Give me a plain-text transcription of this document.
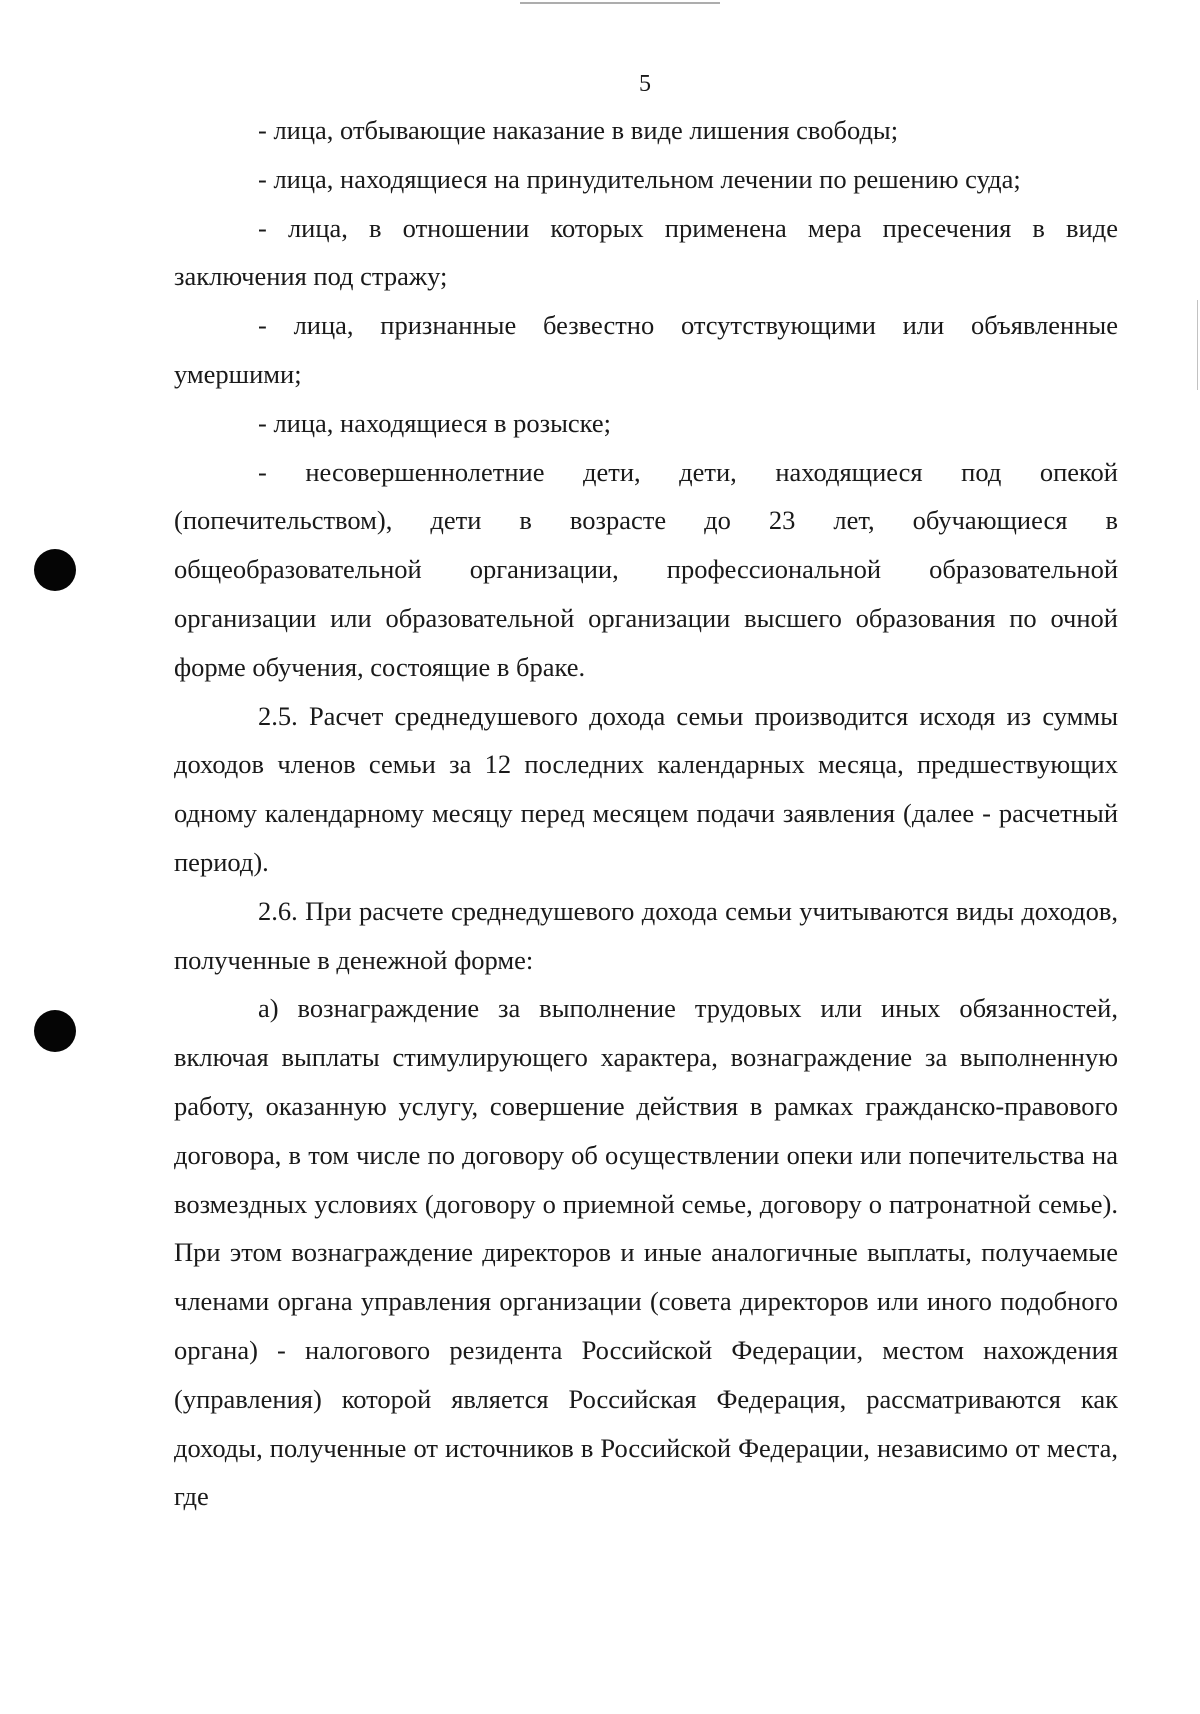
5

- лица, отбывающие наказание в виде лишения свободы;

- лица, находящиеся на принудительном лечении по решению суда;

- лица, в отношении которых применена мера пресечения в виде заключения под стражу;

- лица, признанные безвестно отсутствующими или объявленные умершими;

- лица, находящиеся в розыске;

- несовершеннолетние дети, дети, находящиеся под опекой (попечительством), дети в возрасте до 23 лет, обучающиеся в общеобразовательной организации, профессиональной образовательной организации или образовательной организации высшего образования по очной форме обучения, состоящие в браке.

2.5. Расчет среднедушевого дохода семьи производится исходя из суммы доходов членов семьи за 12 последних календарных месяца, предшествующих одному календарному месяцу перед месяцем подачи заявления (далее - расчетный период).

2.6. При расчете среднедушевого дохода семьи учитываются виды доходов, полученные в денежной форме:

а) вознаграждение за выполнение трудовых или иных обязанностей, включая выплаты стимулирующего характера, вознаграждение за выполненную работу, оказанную услугу, совершение действия в рамках гражданско-правового договора, в том числе по договору об осуществлении опеки или попечительства на возмездных условиях (договору о приемной семье, договору о патронатной семье). При этом вознаграждение директоров и иные аналогичные выплаты, получаемые членами органа управления организации (совета директоров или иного подобного органа) - налогового резидента Российской Федерации, местом нахождения (управления) которой является Российская Федерация, рассматриваются как доходы, полученные от источников в Российской Федерации, независимо от места, где
